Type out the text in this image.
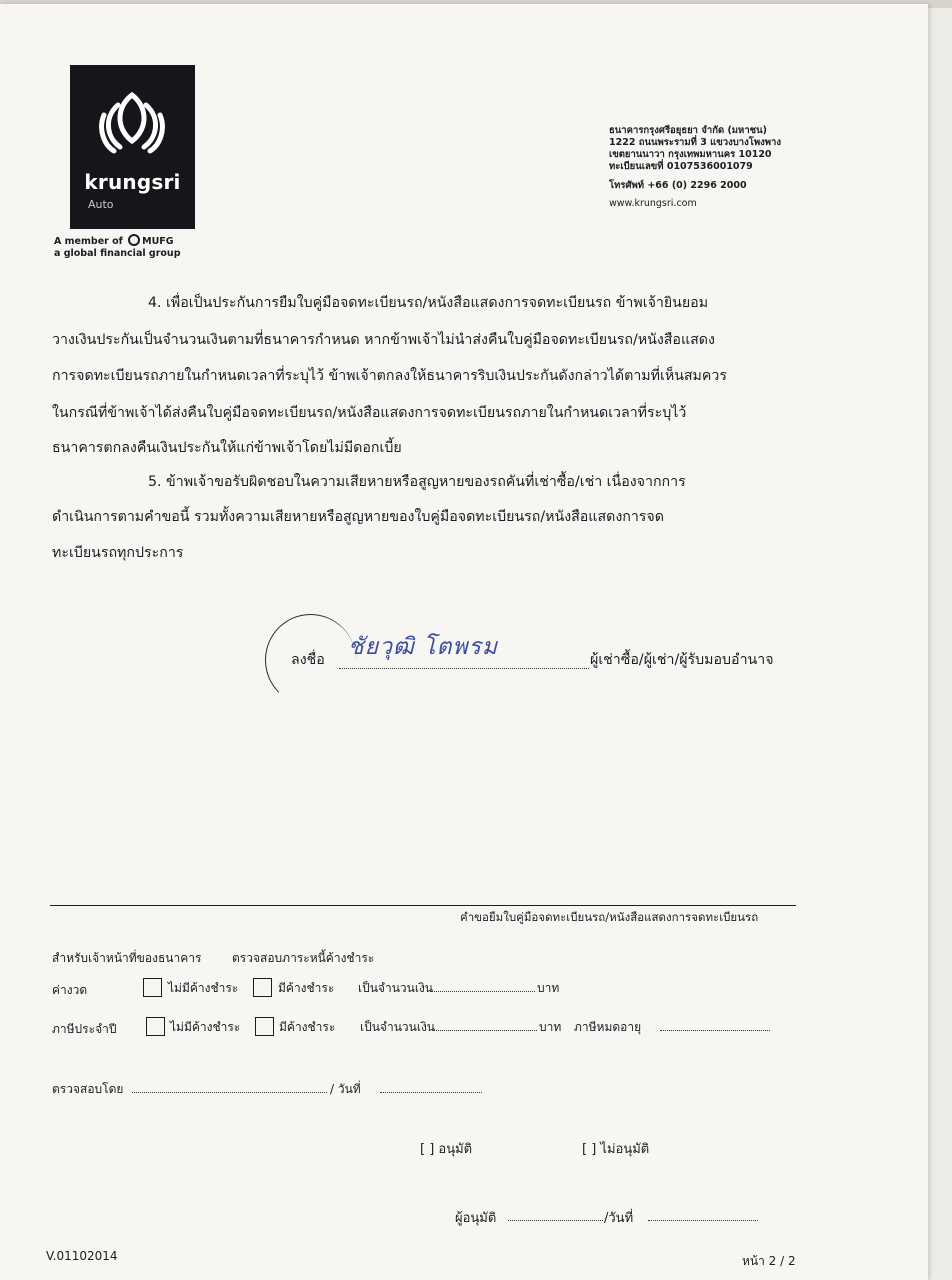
krungsri
Auto
A member of MUFG
a global financial group
ธนาคารกรุงศรีอยุธยา จำกัด (มหาชน)
1222 ถนนพระรามที่ 3 แขวงบางโพงพาง
เขตยานนาวา กรุงเทพมหานคร 10120
ทะเบียนเลขที่ 0107536001079
โทรศัพท์ +66 (0) 2296 2000
www.krungsri.com
4. เพื่อเป็นประกันการยืมใบคู่มือจดทะเบียนรถ/หนังสือแสดงการจดทะเบียนรถ ข้าพเจ้ายินยอม
วางเงินประกันเป็นจำนวนเงินตามที่ธนาคารกำหนด หากข้าพเจ้าไม่นำส่งคืนใบคู่มือจดทะเบียนรถ/หนังสือแสดง
การจดทะเบียนรถภายในกำหนดเวลาที่ระบุไว้ ข้าพเจ้าตกลงให้ธนาคารริบเงินประกันดังกล่าวได้ตามที่เห็นสมควร
ในกรณีที่ข้าพเจ้าได้ส่งคืนใบคู่มือจดทะเบียนรถ/หนังสือแสดงการจดทะเบียนรถภายในกำหนดเวลาที่ระบุไว้
ธนาคารตกลงคืนเงินประกันให้แก่ข้าพเจ้าโดยไม่มีดอกเบี้ย
5. ข้าพเจ้าขอรับผิดชอบในความเสียหายหรือสูญหายของรถคันที่เช่าซื้อ/เช่า เนื่องจากการ
ดำเนินการตามคำขอนี้ รวมทั้งความเสียหายหรือสูญหายของใบคู่มือจดทะเบียนรถ/หนังสือแสดงการจด
ทะเบียนรถทุกประการ
ลงชื่อ ชัยวุฒิ โตพรม	ผู้เช่าซื้อ/ผู้เช่า/ผู้รับมอบอำนาจ
คำขอยืมใบคู่มือจดทะเบียนรถ/หนังสือแสดงการจดทะเบียนรถ
สำหรับเจ้าหน้าที่ของธนาคาร	ตรวจสอบภาระหนี้ค้างชำระ
ค่างวด	ไม่มีค้างชำระ	มีค้างชำระ เป็นจำนวนเงิน	บาท
ภาษีประจำปี	ไม่มีค้างชำระ	มีค้างชำระ เป็นจำนวนเงิน	บาท ภาษีหมดอายุ
ตรวจสอบโดย	/ วันที่
[ ] อนุมัติ	[ ] ไม่อนุมัติ
ผู้อนุมัติ	/วันที่
V.01102014	หน้า 2 / 2
